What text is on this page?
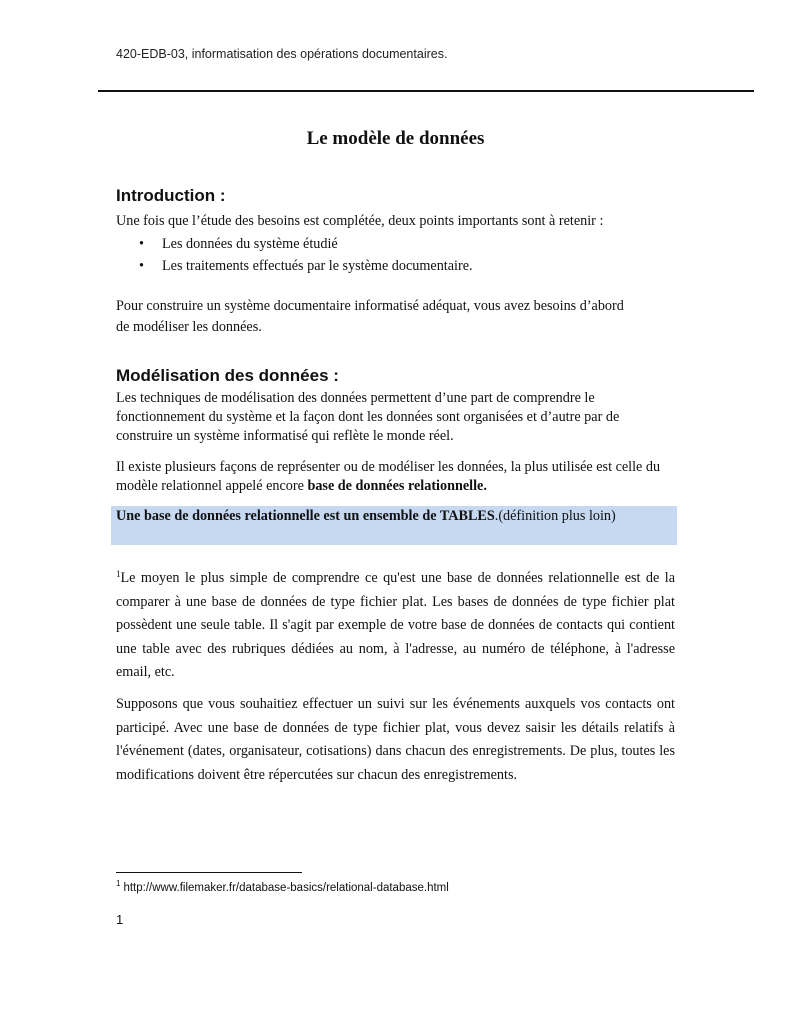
420-EDB-03, informatisation des opérations documentaires.
Le modèle de données
Introduction :
Une fois que l’étude des besoins est complétée, deux points importants sont à retenir :
• Les données du système étudié
• Les traitements effectués par le système documentaire.
Pour construire un système documentaire informatisé adéquat, vous avez besoins d’abord de modéliser les données.
Modélisation des données :
Les techniques de modélisation des données permettent d’une part de comprendre le fonctionnement du système et la façon dont les données sont organisées et d’autre par de construire un système informatisé qui reflète le monde réel.
Il existe plusieurs façons de représenter ou de modéliser les données, la plus utilisée est celle du modèle relationnel appelé encore base de données relationnelle.
Une base de données relationnelle est un ensemble de TABLES.(définition plus loin)
$^1$Le moyen le plus simple de comprendre ce qu'est une base de données relationnelle est de la comparer à une base de données de type fichier plat. Les bases de données de type fichier plat possèdent une seule table. Il s'agit par exemple de votre base de données de contacts qui contient une table avec des rubriques dédiées au nom, à l'adresse, au numéro de téléphone, à l'adresse email, etc.
Supposons que vous souhaitiez effectuer un suivi sur les événements auxquels vos contacts ont participé. Avec une base de données de type fichier plat, vous devez saisir les détails relatifs à l'événement (dates, organisateur, cotisations) dans chacun des enregistrements. De plus, toutes les modifications doivent être répercutées sur chacun des enregistrements.
$^1$ http://www.filemaker.fr/database-basics/relational-database.html
1
